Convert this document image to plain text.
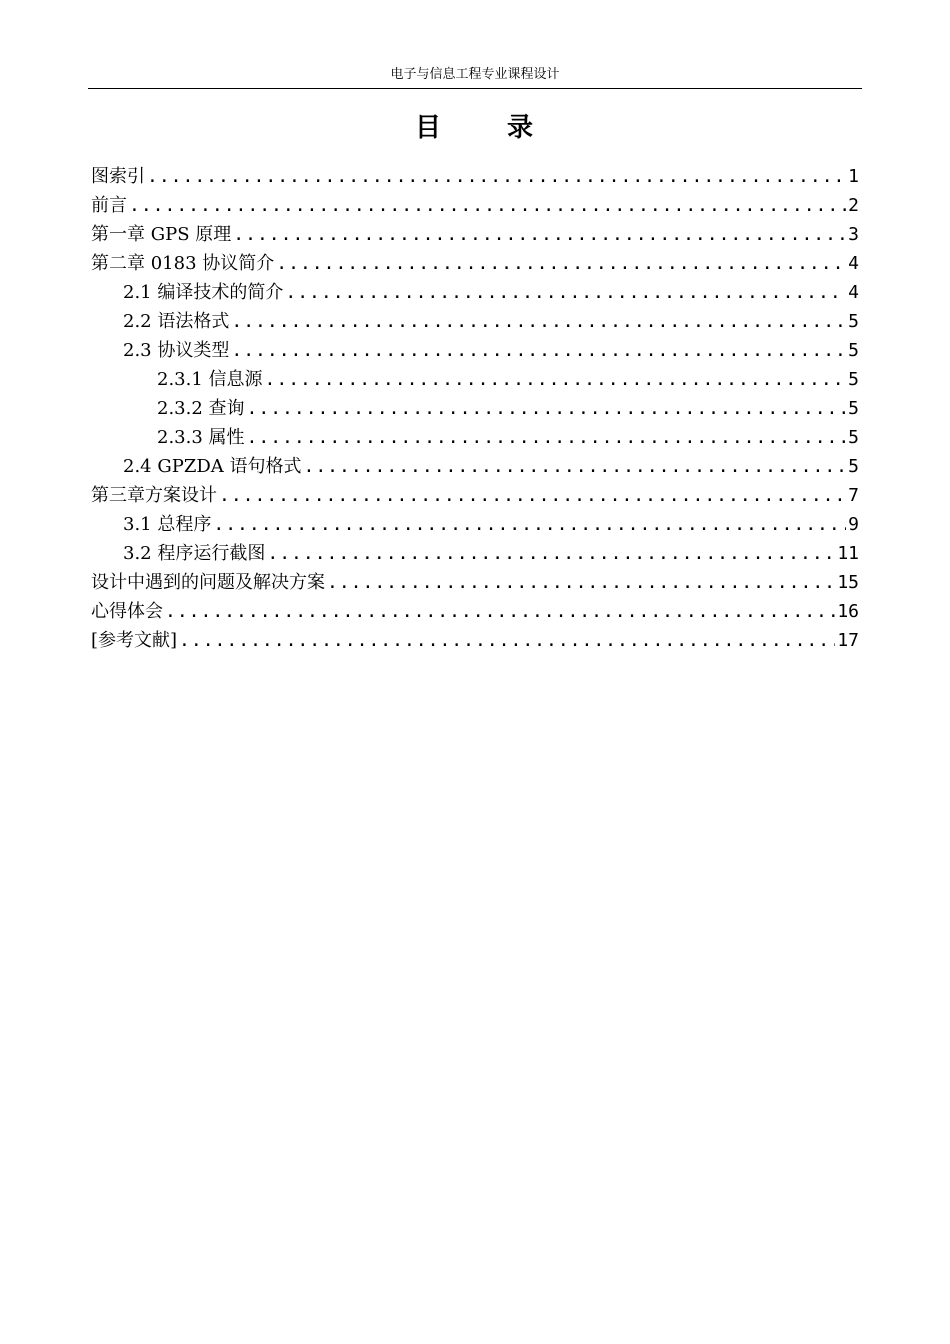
电子与信息工程专业课程设计
目 录
图索引 .....	1
前言 .....	2
第一章 GPS 原理 .....	3
第二章 0183 协议简介 .....	4
2.1 编译技术的简介 .....	4
2.2 语法格式 .....	5
2.3 协议类型 .....	5
2.3.1 信息源 .....	5
2.3.2 查询 .....	5
2.3.3 属性 .....	5
2.4 GPZDA 语句格式 .....	5
第三章方案设计 .....	7
3.1 总程序 .....	9
3.2 程序运行截图 .....	11
设计中遇到的问题及解决方案 .....	15
心得体会 .....	16
[参考文献] .....	17
